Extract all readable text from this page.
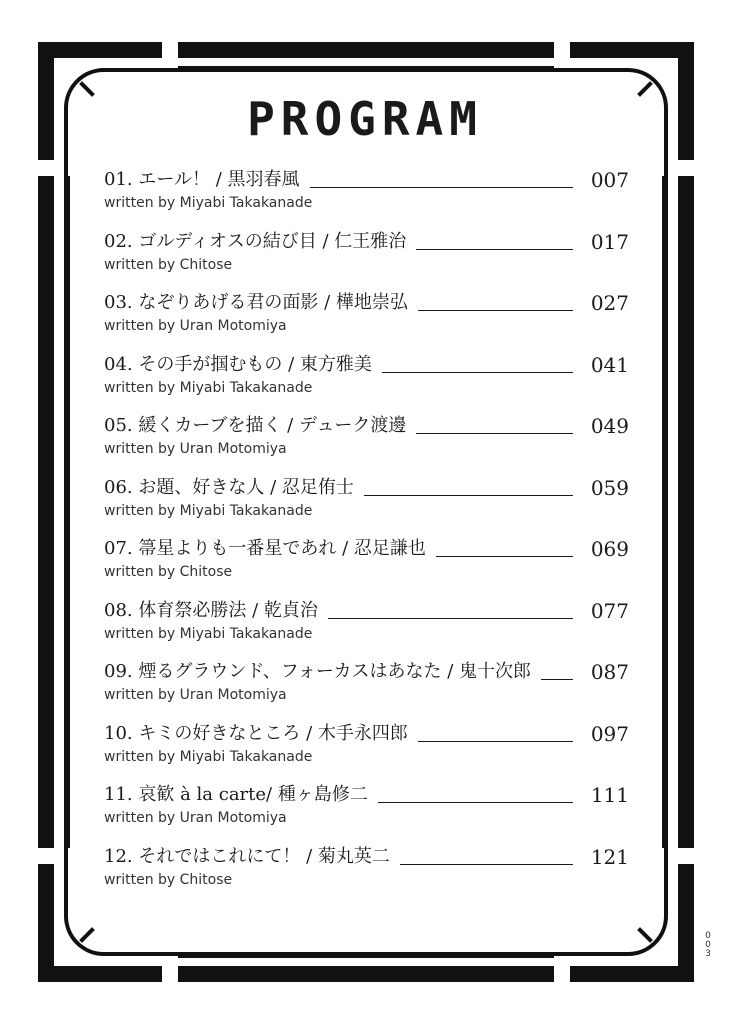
PROGRAM
01. エール！ / 黒羽春風	007
written by Miyabi Takakanade
02. ゴルディオスの結び目 / 仁王雅治	017
written by Chitose
03. なぞりあげる君の面影 / 樺地崇弘	027
written by Uran Motomiya
04. その手が掴むもの / 東方雅美	041
written by Miyabi Takakanade
05. 緩くカーブを描く / デューク渡邊	049
written by Uran Motomiya
06. お題、好きな人 / 忍足侑士	059
written by Miyabi Takakanade
07. 箒星よりも一番星であれ / 忍足謙也	069
written by Chitose
08. 体育祭必勝法 / 乾貞治	077
written by Miyabi Takakanade
09. 煙るグラウンド、フォーカスはあなた / 鬼十次郎	087
written by Uran Motomiya
10. キミの好きなところ / 木手永四郎	097
written by Miyabi Takakanade
11. 哀歓 à la carte/ 種ヶ島修二	111
written by Uran Motomiya
12. それではこれにて！ / 菊丸英二	121
written by Chitose
003
